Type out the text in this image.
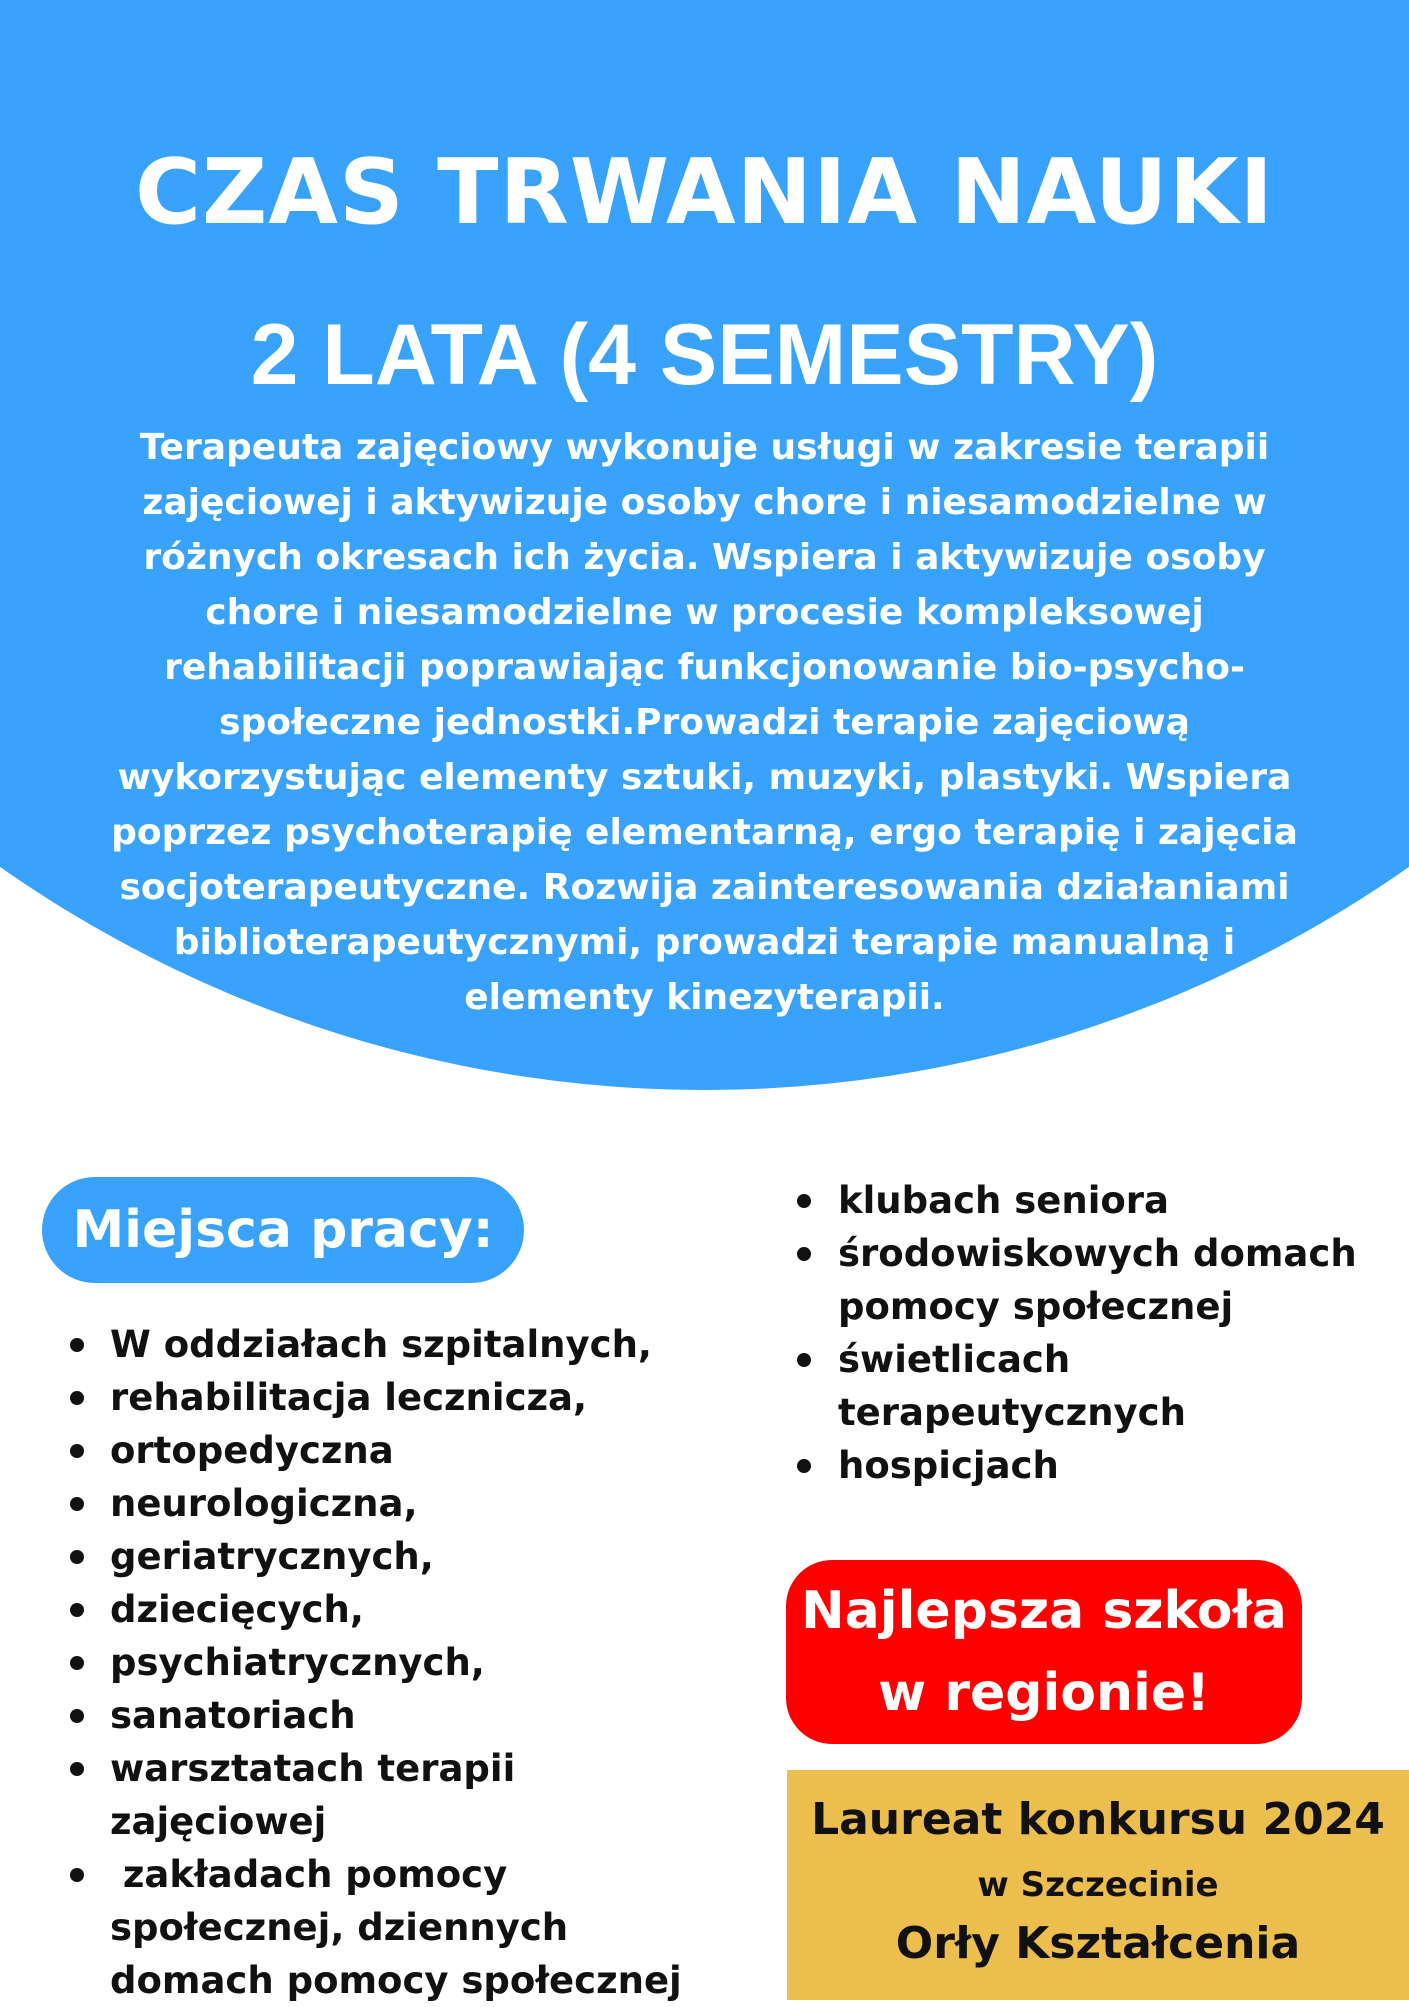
CZAS TRWANIA NAUKI
2 LATA (4 SEMESTRY)
Terapeuta zajęciowy wykonuje usługi w zakresie terapii zajęciowej i aktywizuje osoby chore i niesamodzielne w różnych okresach ich życia. Wspiera i aktywizuje osoby chore i niesamodzielne w procesie kompleksowej rehabilitacji poprawiając funkcjonowanie bio-psycho-społeczne jednostki.Prowadzi terapie zajęciową wykorzystując elementy sztuki, muzyki, plastyki. Wspiera poprzez psychoterapię elementarną, ergo terapię i zajęcia socjoterapeutyczne. Rozwija zainteresowania działaniami biblioterapeutycznymi, prowadzi terapie manualną i elementy kinezyterapii.
Miejsca pracy:
W oddziałach szpitalnych,
rehabilitacja lecznicza,
ortopedyczna
neurologiczna,
geriatrycznych,
dziecięcych,
psychiatrycznych,
sanatoriach
warsztatach terapii zajęciowej
zakładach pomocy społecznej, dziennych domach pomocy społecznej
klubach seniora
środowiskowych domach pomocy społecznej
świetlicach terapeutycznych
hospicjach
Najlepsza szkoła
w regionie!
Laureat konkursu 2024
w Szczecinie
Orły Kształcenia
